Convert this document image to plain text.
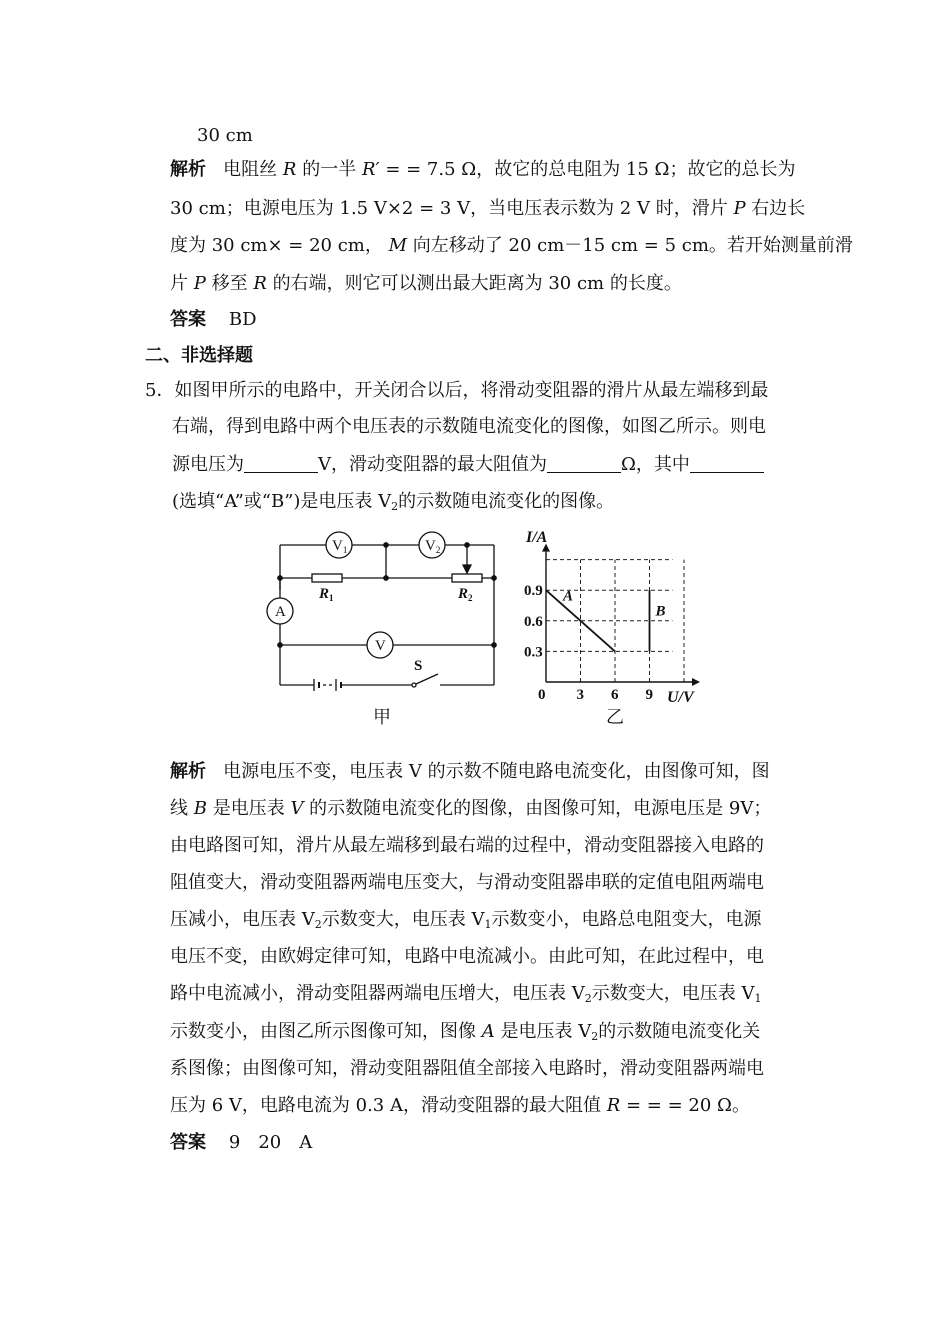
30 cm
解析 电阻丝 R 的一半 R′ = = 7.5 Ω，故它的总电阻为 15 Ω；故它的总长为
30 cm；电源电压为 1.5 V×2 = 3 V，当电压表示数为 2 V 时，滑片 P 右边长
度为 30 cm× = 20 cm， M 向左移动了 20 cm－15 cm = 5 cm。若开始测量前滑
片 P 移至 R 的右端，则它可以测出最大距离为 30 cm 的长度。
答案 BD
二、非选择题
5．如图甲所示的电路中，开关闭合以后，将滑动变阻器的滑片从最左端移到最
右端，得到电路中两个电压表的示数随电流变化的图像，如图乙所示。则电
源电压为	V，滑动变阻器的最大阻值为	Ω，其中
(选填“A”或“B”)是电压表 $V_2$的示数随电流变化的图像。
$V_1$	$V_2$
V
A
$R_1$	$R_2$
S
甲
A
B
3 6 9
0.9
0.6
0.3
0
I/A
U/V
乙
解析 电源电压不变，电压表 V 的示数不随电路电流变化，由图像可知，图
线 B 是电压表 V 的示数随电流变化的图像，由图像可知，电源电压是 9V；
由电路图可知，滑片从最左端移到最右端的过程中，滑动变阻器接入电路的
阻值变大，滑动变阻器两端电压变大，与滑动变阻器串联的定值电阻两端电
压减小，电压表 $V_2$示数变大，电压表 $V_1$示数变小，电路总电阻变大，电源
电压不变，由欧姆定律可知，电路中电流减小。由此可知，在此过程中，电
路中电流减小，滑动变阻器两端电压增大，电压表 $V_2$示数变大，电压表 $V_1$
示数变小，由图乙所示图像可知，图像 A 是电压表 $V_2$的示数随电流变化关
系图像；由图像可知，滑动变阻器阻值全部接入电路时，滑动变阻器两端电
压为 6 V，电路电流为 0.3 A，滑动变阻器的最大阻值 R = = = 20 Ω。
答案 9　20　A
